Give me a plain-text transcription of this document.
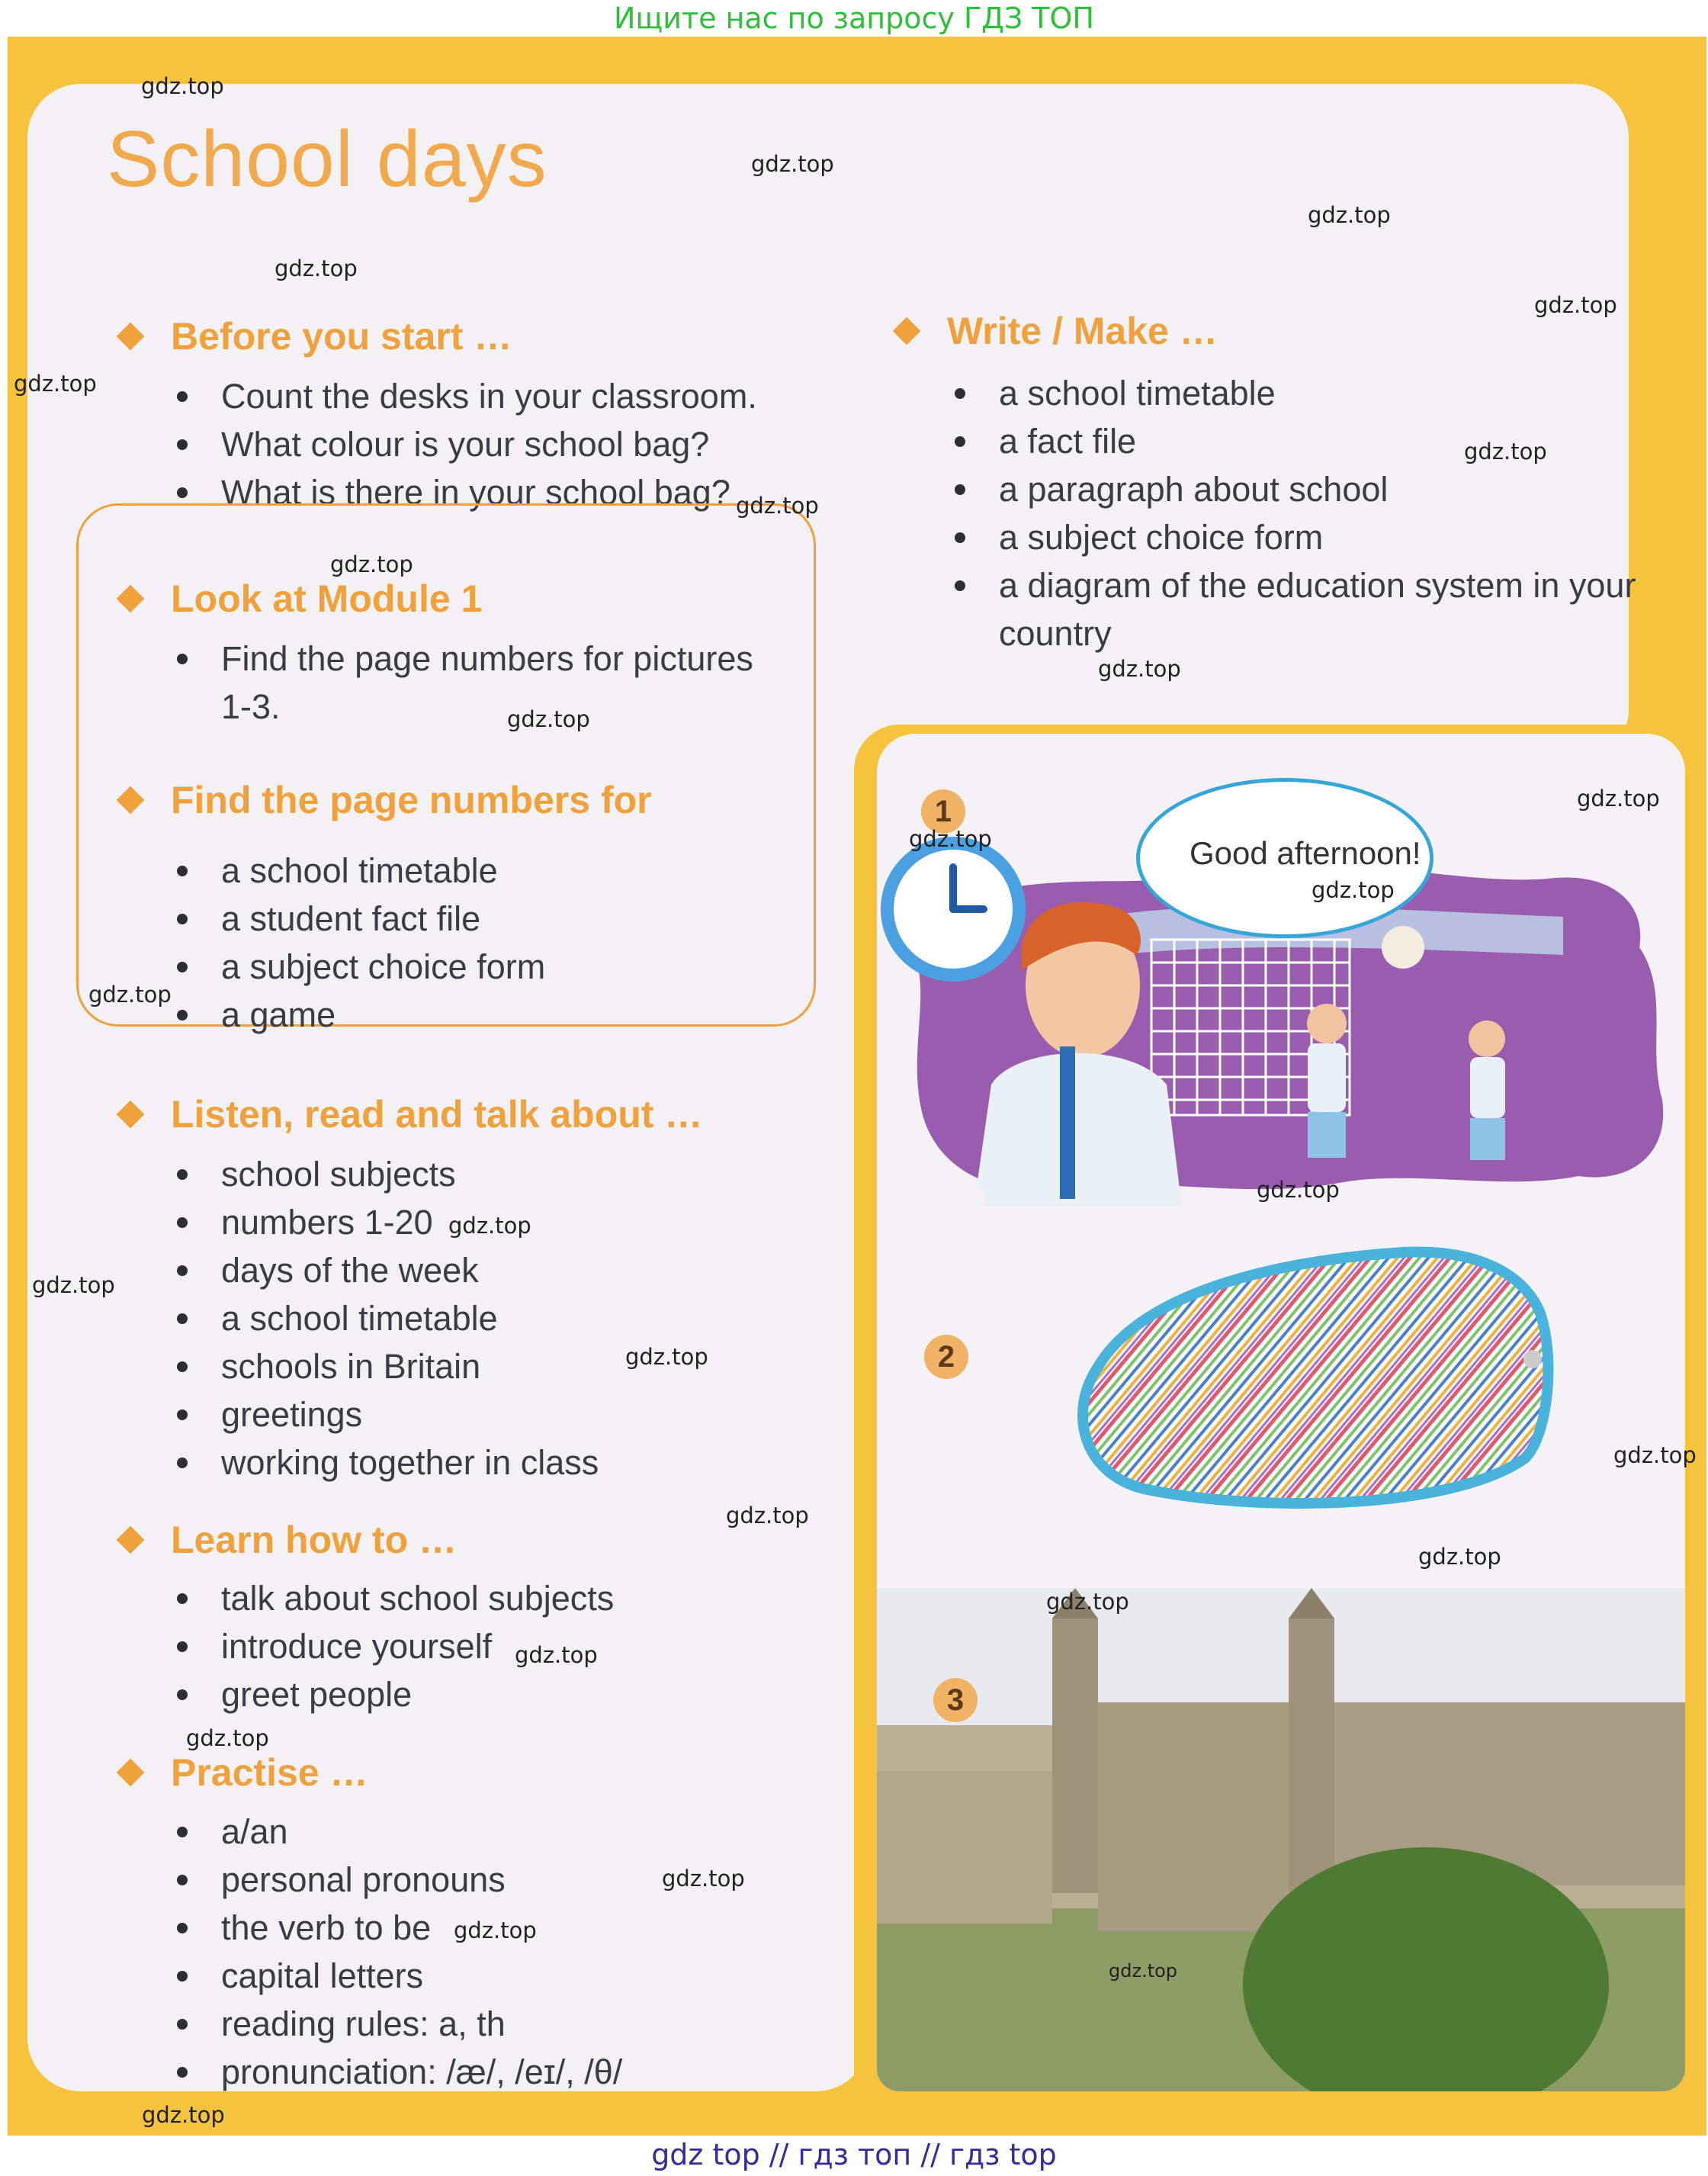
Ищите нас по запросу ГДЗ ТОП
School days
Before you start …
Count the desks in your classroom.
What colour is your school bag?
What is there in your school bag?
Write / Make …
a school timetable
a fact file
a paragraph about school
a subject choice form
a diagram of the education system in your country
Look at Module 1
Find the page numbers for pictures 1-3.
Find the page numbers for
a school timetable
a student fact file
a subject choice form
a game
Listen, read and talk about …
school subjects
numbers 1-20
days of the week
a school timetable
schools in Britain
greetings
working together in class
Learn how to …
talk about school subjects
introduce yourself
greet people
Practise …
a/an
personal pronouns
the verb to be
capital letters
reading rules: a, th
pronunciation: /æ/, /eɪ/, /θ/
1
2
3
Good afternoon!
gdz.top
gdz.top
gdz.top
gdz.top
gdz.top
gdz.top
gdz.top
gdz.top
gdz.top
gdz.top
gdz.top
gdz.top
gdz.top
gdz.top
gdz.top
gdz.top
gdz.top
gdz.top
gdz.top
gdz.top
gdz.top
gdz.top
gdz.top
gdz.top
gdz.top
gdz.top
gdz.top
gdz.top
gdz.top
gdz top // гдз топ // гдз top
